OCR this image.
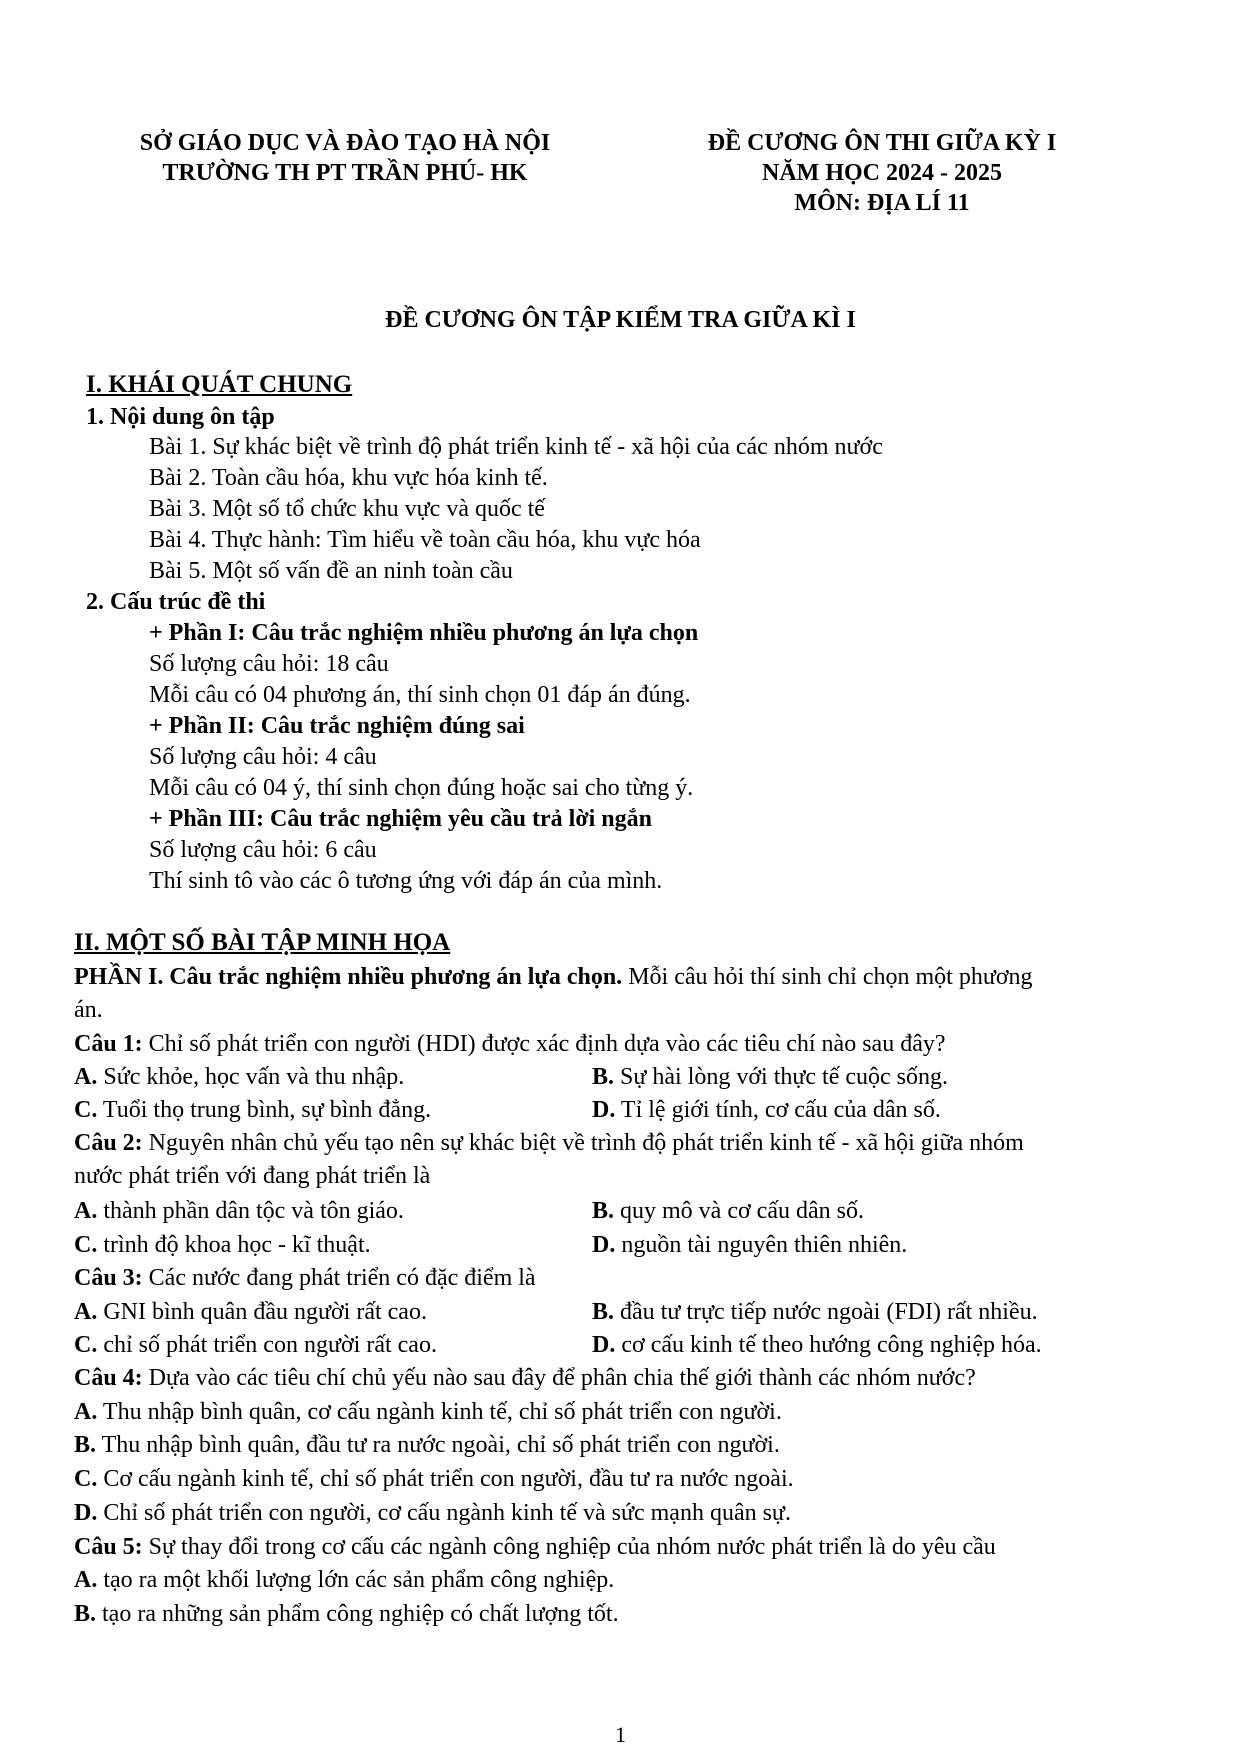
SỞ GIÁO DỤC VÀ ĐÀO TẠO HÀ NỘI
TRƯỜNG TH PT TRẦN PHÚ- HK
ĐỀ CƯƠNG ÔN THI GIỮA KỲ I
NĂM HỌC 2024 - 2025
MÔN: ĐỊA LÍ 11
ĐỀ CƯƠNG ÔN TẬP KIỂM TRA GIỮA KÌ I
I. KHÁI QUÁT CHUNG
1. Nội dung ôn tập
Bài 1. Sự khác biệt về trình độ phát triển kinh tế - xã hội của các nhóm nước
Bài 2. Toàn cầu hóa, khu vực hóa kinh tế.
Bài 3. Một số tổ chức khu vực và quốc tế
Bài 4. Thực hành: Tìm hiểu về toàn cầu hóa, khu vực hóa
Bài 5. Một số vấn đề an ninh toàn cầu
2. Cấu trúc đề thi
+ Phần I: Câu trắc nghiệm nhiều phương án lựa chọn
Số lượng câu hỏi: 18 câu
Mỗi câu có 04 phương án, thí sinh chọn 01 đáp án đúng.
+ Phần II: Câu trắc nghiệm đúng sai
Số lượng câu hỏi: 4 câu
Mỗi câu có 04 ý, thí sinh chọn đúng hoặc sai cho từng ý.
+ Phần III: Câu trắc nghiệm yêu cầu trả lời ngắn
Số lượng câu hỏi: 6 câu
Thí sinh tô vào các ô tương ứng với đáp án của mình.
II. MỘT SỐ BÀI TẬP MINH HỌA
PHẦN I. Câu trắc nghiệm nhiều phương án lựa chọn. Mỗi câu hỏi thí sinh chỉ chọn một phương
án.
Câu 1: Chỉ số phát triển con người (HDI) được xác định dựa vào các tiêu chí nào sau đây?
A. Sức khỏe, học vấn và thu nhập.	B. Sự hài lòng với thực tế cuộc sống.
C. Tuổi thọ trung bình, sự bình đẳng.	D. Tỉ lệ giới tính, cơ cấu của dân số.
Câu 2: Nguyên nhân chủ yếu tạo nên sự khác biệt về trình độ phát triển kinh tế - xã hội giữa nhóm
nước phát triển với đang phát triển là
A. thành phần dân tộc và tôn giáo.	B. quy mô và cơ cấu dân số.
C. trình độ khoa học - kĩ thuật.	D. nguồn tài nguyên thiên nhiên.
Câu 3: Các nước đang phát triển có đặc điểm là
A. GNI bình quân đầu người rất cao.	B. đầu tư trực tiếp nước ngoài (FDI) rất nhiều.
C. chỉ số phát triển con người rất cao.	D. cơ cấu kinh tế theo hướng công nghiệp hóa.
Câu 4: Dựa vào các tiêu chí chủ yếu nào sau đây để phân chia thế giới thành các nhóm nước?
A. Thu nhập bình quân, cơ cấu ngành kinh tế, chỉ số phát triển con người.
B. Thu nhập bình quân, đầu tư ra nước ngoài, chỉ số phát triển con người.
C. Cơ cấu ngành kinh tế, chỉ số phát triển con người, đầu tư ra nước ngoài.
D. Chỉ số phát triển con người, cơ cấu ngành kinh tế và sức mạnh quân sự.
Câu 5: Sự thay đổi trong cơ cấu các ngành công nghiệp của nhóm nước phát triển là do yêu cầu
A. tạo ra một khối lượng lớn các sản phẩm công nghiệp.
B. tạo ra những sản phẩm công nghiệp có chất lượng tốt.
1
